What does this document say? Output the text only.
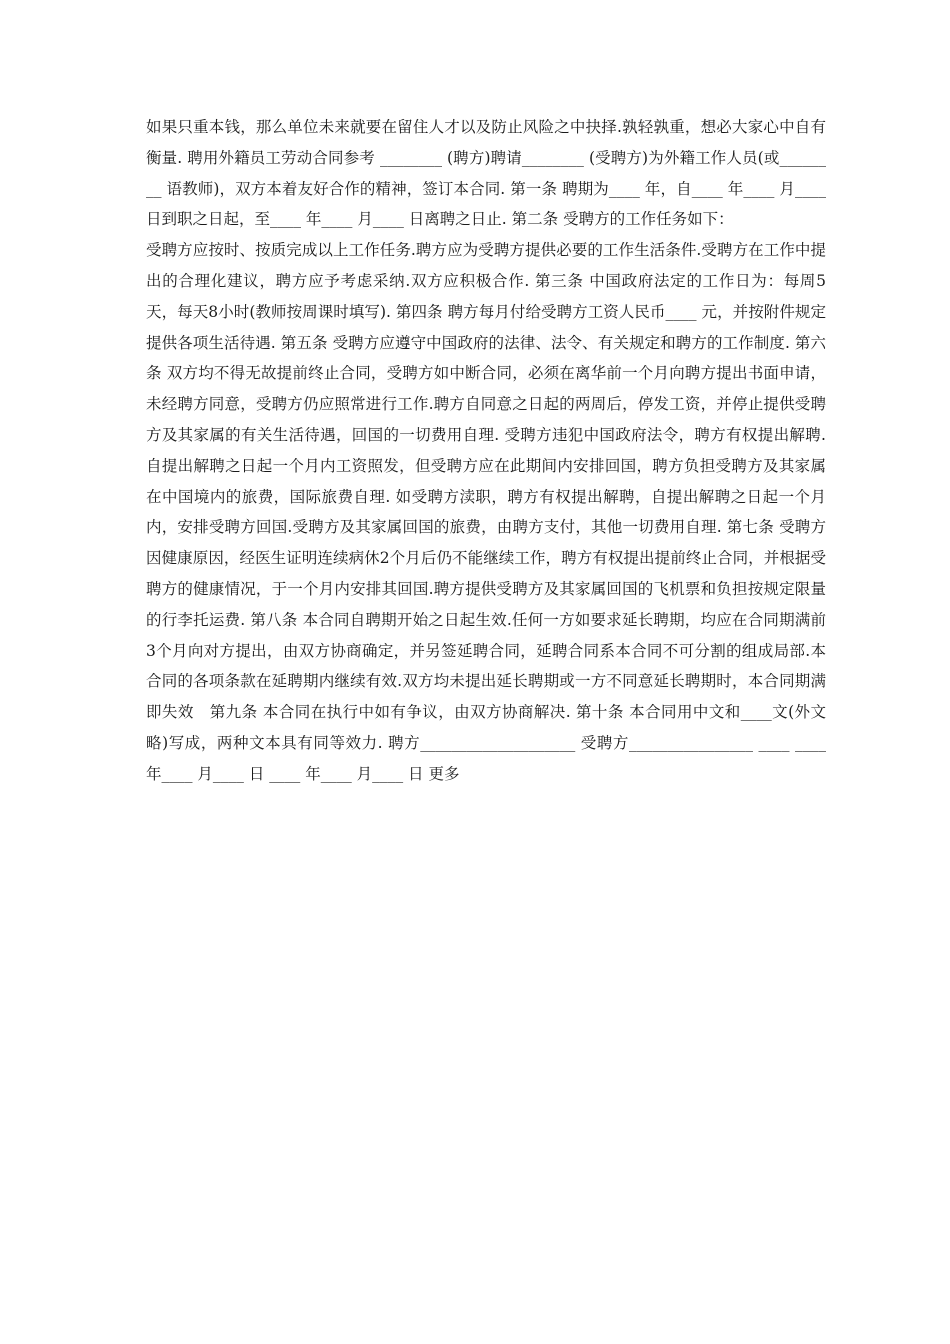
如果只重本钱，那么单位未来就要在留住人才以及防止风险之中抉择.孰轻孰重，想必大家心中自有衡量. 聘用外籍员工劳动合同参考 ________ (聘方)聘请________ (受聘方)为外籍工作人员(或________ 语教师)，双方本着友好合作的精神，签订本合同. 第一条 聘期为____ 年，自____ 年____ 月____ 日到职之日起，至____ 年____ 月____ 日离聘之日止. 第二条 受聘方的工作任务如下：

受聘方应按时、按质完成以上工作任务.聘方应为受聘方提供必要的工作生活条件.受聘方在工作中提出的合理化建议，聘方应予考虑采纳.双方应积极合作. 第三条 中国政府法定的工作日为：每周5天，每天8小时(教师按周课时填写). 第四条 聘方每月付给受聘方工资人民币____ 元，并按附件规定提供各项生活待遇. 第五条 受聘方应遵守中国政府的法律、法令、有关规定和聘方的工作制度. 第六条 双方均不得无故提前终止合同，受聘方如中断合同，必须在离华前一个月向聘方提出书面申请，未经聘方同意，受聘方仍应照常进行工作.聘方自同意之日起的两周后，停发工资，并停止提供受聘方及其家属的有关生活待遇，回国的一切费用自理. 受聘方违犯中国政府法令，聘方有权提出解聘.自提出解聘之日起一个月内工资照发，但受聘方应在此期间内安排回国，聘方负担受聘方及其家属在中国境内的旅费，国际旅费自理. 如受聘方渎职，聘方有权提出解聘，自提出解聘之日起一个月内，安排受聘方回国.受聘方及其家属回国的旅费，由聘方支付，其他一切费用自理. 第七条 受聘方因健康原因，经医生证明连续病休2个月后仍不能继续工作，聘方有权提出提前终止合同，并根据受聘方的健康情况，于一个月内安排其回国.聘方提供受聘方及其家属回国的飞机票和负担按规定限量的行李托运费. 第八条 本合同自聘期开始之日起生效.任何一方如要求延长聘期，均应在合同期满前3个月向对方提出，由双方协商确定，并另签延聘合同，延聘合同系本合同不可分割的组成局部.本合同的各项条款在延聘期内继续有效.双方均未提出延长聘期或一方不同意延长聘期时，本合同期满即失效　第九条 本合同在执行中如有争议，由双方协商解决. 第十条 本合同用中文和____文(外文略)写成，两种文本具有同等效力. 聘方____________________ 受聘方________________ ____ ____ 年____ 月____ 日 ____ 年____ 月____ 日 更多
